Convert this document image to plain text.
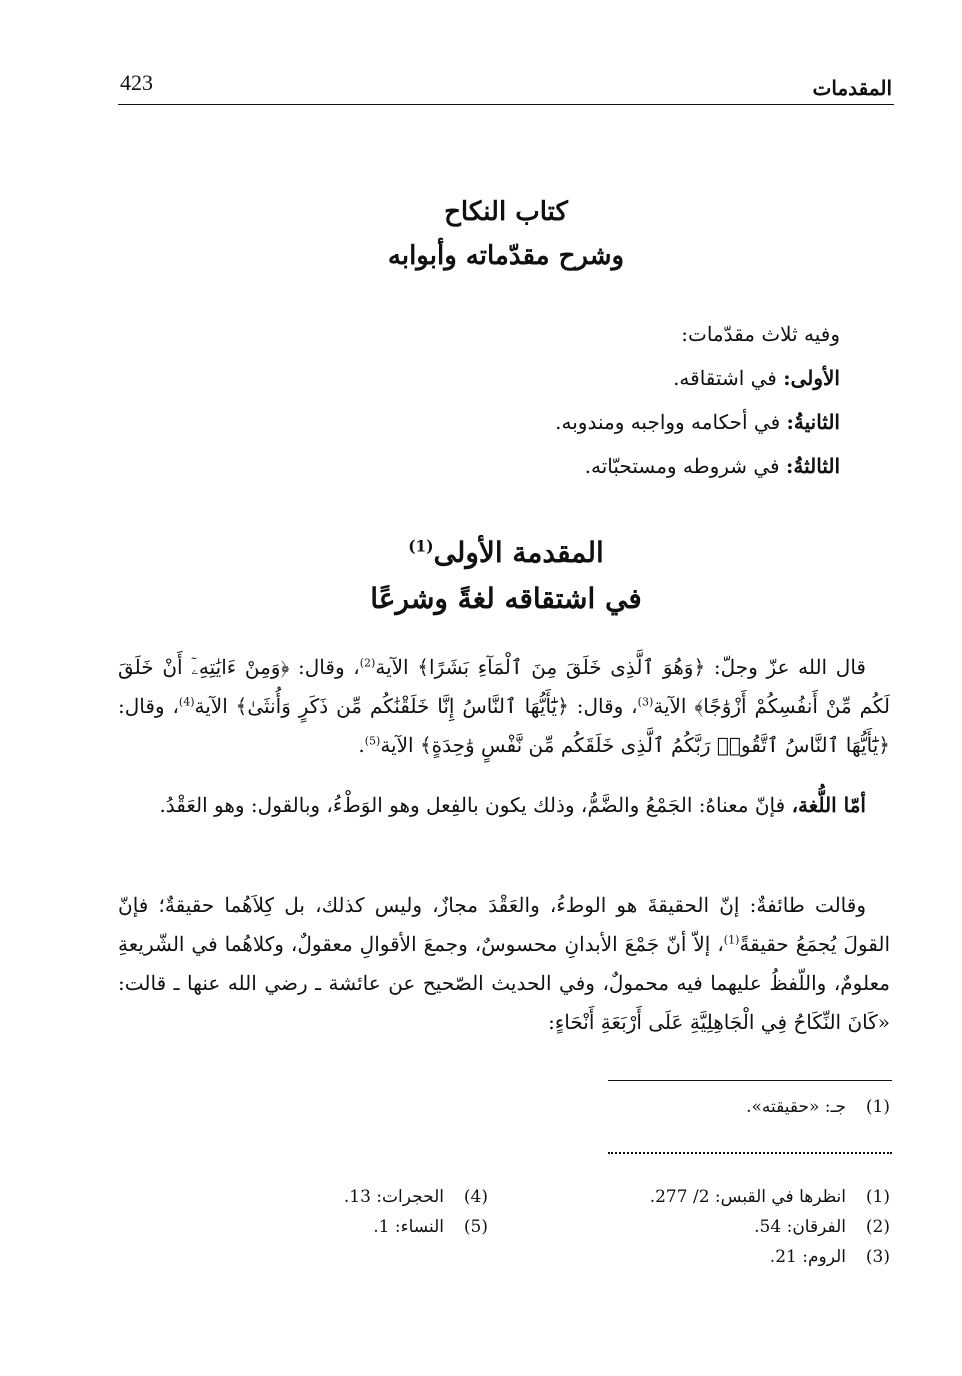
423	المقدمات
كتاب النكاح
وشرح مقدّماته وأبوابه
وفيه ثلاث مقدّمات:
الأولى: في اشتقاقه.
الثانيةُ: في أحكامه وواجبه ومندوبه.
الثالثةُ: في شروطه ومستحبّاته.
المقدمة الأولى$^{(1)}$
في اشتقاقه لغةً وشرعًا

قال الله عزّ وجلّ: ﴿وَهُوَ ٱلَّذِى خَلَقَ مِنَ ٱلْمَآءِ بَشَرًا﴾ الآية$^{(2)}$، وقال: ﴿وَمِنْ ءَايَٰتِهِۦٓ أَنْ خَلَقَ لَكُم مِّنْ أَنفُسِكُمْ أَزْوَٰجًا﴾ الآية$^{(3)}$، وقال: ﴿يَٰٓأَيُّهَا ٱلنَّاسُ إِنَّا خَلَقْنَٰكُم مِّن ذَكَرٍ وَأُنثَىٰ﴾ الآية$^{(4)}$، وقال: ﴿يَٰٓأَيُّهَا ٱلنَّاسُ ٱتَّقُوا۟ رَبَّكُمُ ٱلَّذِى خَلَقَكُم مِّن نَّفْسٍ وَٰحِدَةٍ﴾ الآية$^{(5)}$.

أمّا اللُّغة، فإنّ معناهُ: الجَمْعُ والضَّمُّ، وذلك يكون بالفِعل وهو الوَطْءُ، وبالقول: وهو العَقْدُ.

وقالت طائفةٌ: إنّ الحقيقةَ هو الوطءُ، والعَقْدَ مجازٌ، وليس كذلك، بل كِلاَهُما حقيقةٌ؛ فإنّ القولَ يُجمَعُ حقيقةً$^{(1)}$، إلاّ أنّ جَمْعَ الأبدانِ محسوسٌ، وجمعَ الأقوالِ معقولٌ، وكلاهُما في الشّريعةِ معلومٌ، واللّفظُ عليهما فيه محمولٌ، وفي الحديث الصّحيح عن عائشة ـ رضي الله عنها ـ قالت: «كَانَ النِّكَاحُ فِي الْجَاهِلِيَّةِ عَلَى أَرْبَعَةِ أَنْحَاءٍ:

(1)جـ: «حقيقته».
(1)انظرها في القبس: 2/ 277.
(2)الفرقان: 54.
(3)الروم: 21.
(4)الحجرات: 13.
(5)النساء: 1.
